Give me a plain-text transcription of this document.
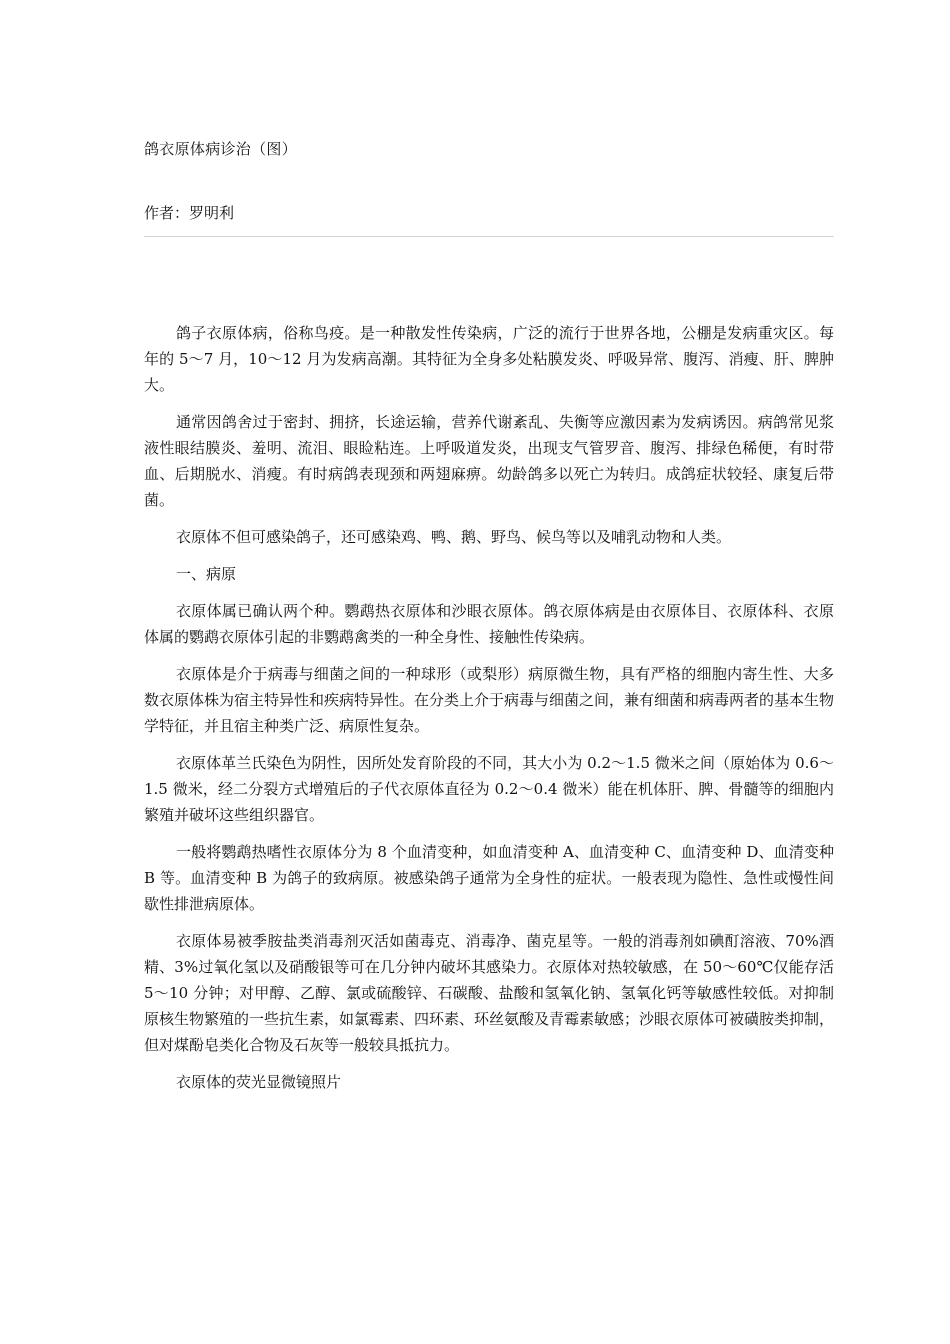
鸽衣原体病诊治（图）
作者：罗明利

鸽子衣原体病，俗称鸟疫。是一种散发性传染病，广泛的流行于世界各地，公棚是发病重灾区。每年的 5～7 月，10～12 月为发病高潮。其特征为全身多处粘膜发炎、呼吸异常、腹泻、消瘦、肝、脾肿大。

通常因鸽舍过于密封、拥挤，长途运输，营养代谢紊乱、失衡等应激因素为发病诱因。病鸽常见浆液性眼结膜炎、羞明、流泪、眼睑粘连。上呼吸道发炎，出现支气管罗音、腹泻、排绿色稀便，有时带血、后期脱水、消瘦。有时病鸽表现颈和两翅麻痹。幼龄鸽多以死亡为转归。成鸽症状较轻、康复后带菌。

衣原体不但可感染鸽子，还可感染鸡、鸭、鹅、野鸟、候鸟等以及哺乳动物和人类。

一、病原

衣原体属已确认两个种。鹦鹉热衣原体和沙眼衣原体。鸽衣原体病是由衣原体目、衣原体科、衣原体属的鹦鹉衣原体引起的非鹦鹉禽类的一种全身性、接触性传染病。

衣原体是介于病毒与细菌之间的一种球形（或梨形）病原微生物，具有严格的细胞内寄生性、大多数衣原体株为宿主特异性和疾病特异性。在分类上介于病毒与细菌之间，兼有细菌和病毒两者的基本生物学特征，并且宿主种类广泛、病原性复杂。

衣原体革兰氏染色为阴性，因所处发育阶段的不同，其大小为 0.2～1.5 微米之间（原始体为 0.6～1.5 微米，经二分裂方式增殖后的子代衣原体直径为 0.2～0.4 微米）能在机体肝、脾、骨髓等的细胞内繁殖并破坏这些组织器官。

一般将鹦鹉热嗜性衣原体分为 8 个血清变种，如血清变种 A、血清变种 C、血清变种 D、血清变种 B 等。血清变种 B 为鸽子的致病原。被感染鸽子通常为全身性的症状。一般表现为隐性、急性或慢性间歇性排泄病原体。

衣原体易被季胺盐类消毒剂灭活如菌毒克、消毒净、菌克星等。一般的消毒剂如碘酊溶液、70%酒精、3%过氧化氢以及硝酸银等可在几分钟内破坏其感染力。衣原体对热较敏感，在 50～60℃仅能存活 5～10 分钟；对甲醇、乙醇、氯或硫酸锌、石碳酸、盐酸和氢氧化钠、氢氧化钙等敏感性较低。对抑制原核生物繁殖的一些抗生素，如氯霉素、四环素、环丝氨酸及青霉素敏感；沙眼衣原体可被磺胺类抑制，但对煤酚皂类化合物及石灰等一般较具抵抗力。

衣原体的荧光显微镜照片
